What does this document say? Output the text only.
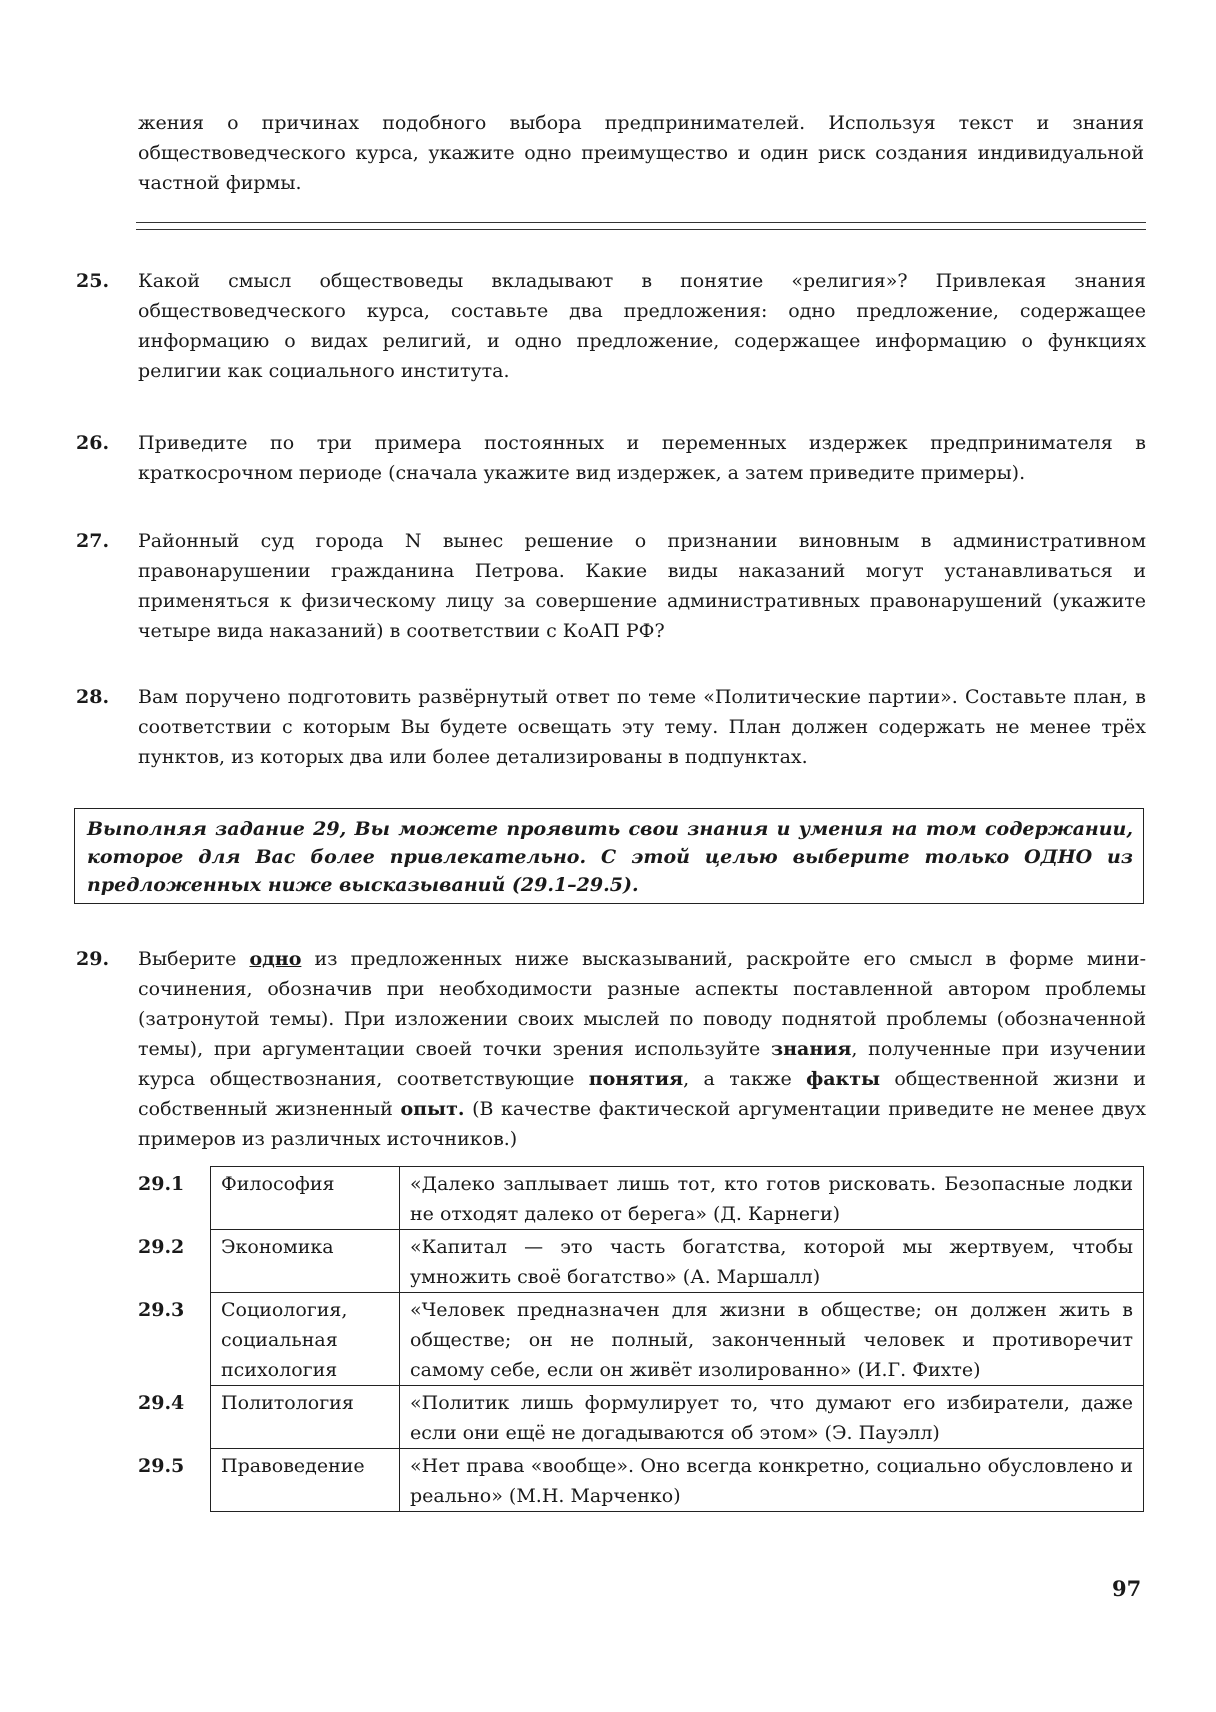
жения о причинах подобного выбора предпринимателей. Используя текст и знания обществоведческого курса, укажите одно преимущество и один риск создания индивидуальной частной фирмы.
25. Какой смысл обществоведы вкладывают в понятие «религия»? Привлекая знания обществоведческого курса, составьте два предложения: одно предложение, содержащее информацию о видах религий, и одно предложение, содержащее информацию о функциях религии как социального института.
26. Приведите по три примера постоянных и переменных издержек предпринимателя в краткосрочном периоде (сначала укажите вид издержек, а затем приведите примеры).
27. Районный суд города N вынес решение о признании виновным в административном правонарушении гражданина Петрова. Какие виды наказаний могут устанавливаться и применяться к физическому лицу за совершение административных правонарушений (укажите четыре вида наказаний) в соответствии с КоАП РФ?
28. Вам поручено подготовить развёрнутый ответ по теме «Политические партии». Составьте план, в соответствии с которым Вы будете освещать эту тему. План должен содержать не менее трёх пунктов, из которых два или более детализированы в подпунктах.
Выполняя задание 29, Вы можете проявить свои знания и умения на том содержании, которое для Вас более привлекательно. С этой целью выберите только ОДНО из предложенных ниже высказываний (29.1–29.5).
29. Выберите одно из предложенных ниже высказываний, раскройте его смысл в форме мини-сочинения, обозначив при необходимости разные аспекты поставленной автором проблемы (затронутой темы). При изложении своих мыслей по поводу поднятой проблемы (обозначенной темы), при аргументации своей точки зрения используйте знания, полученные при изучении курса обществознания, соответствующие понятия, а также факты общественной жизни и собственный жизненный опыт. (В качестве фактической аргументации приведите не менее двух примеров из различных источников.)
29.1	Философия	«Далеко заплывает лишь тот, кто готов рисковать. Безопасные лодки не отходят далеко от берега» (Д. Карнеги)
29.2	Экономика	«Капитал — это часть богатства, которой мы жертвуем, чтобы умножить своё богатство» (А. Маршалл)
29.3	Социология, социальная психология	«Человек предназначен для жизни в обществе; он должен жить в обществе; он не полный, законченный человек и противоречит самому себе, если он живёт изолированно» (И.Г. Фихте)
29.4	Политология	«Политик лишь формулирует то, что думают его избиратели, даже если они ещё не догадываются об этом» (Э. Пауэлл)
29.5	Правоведение	«Нет права «вообще». Оно всегда конкретно, социально обусловлено и реально» (М.Н. Марченко)
97
